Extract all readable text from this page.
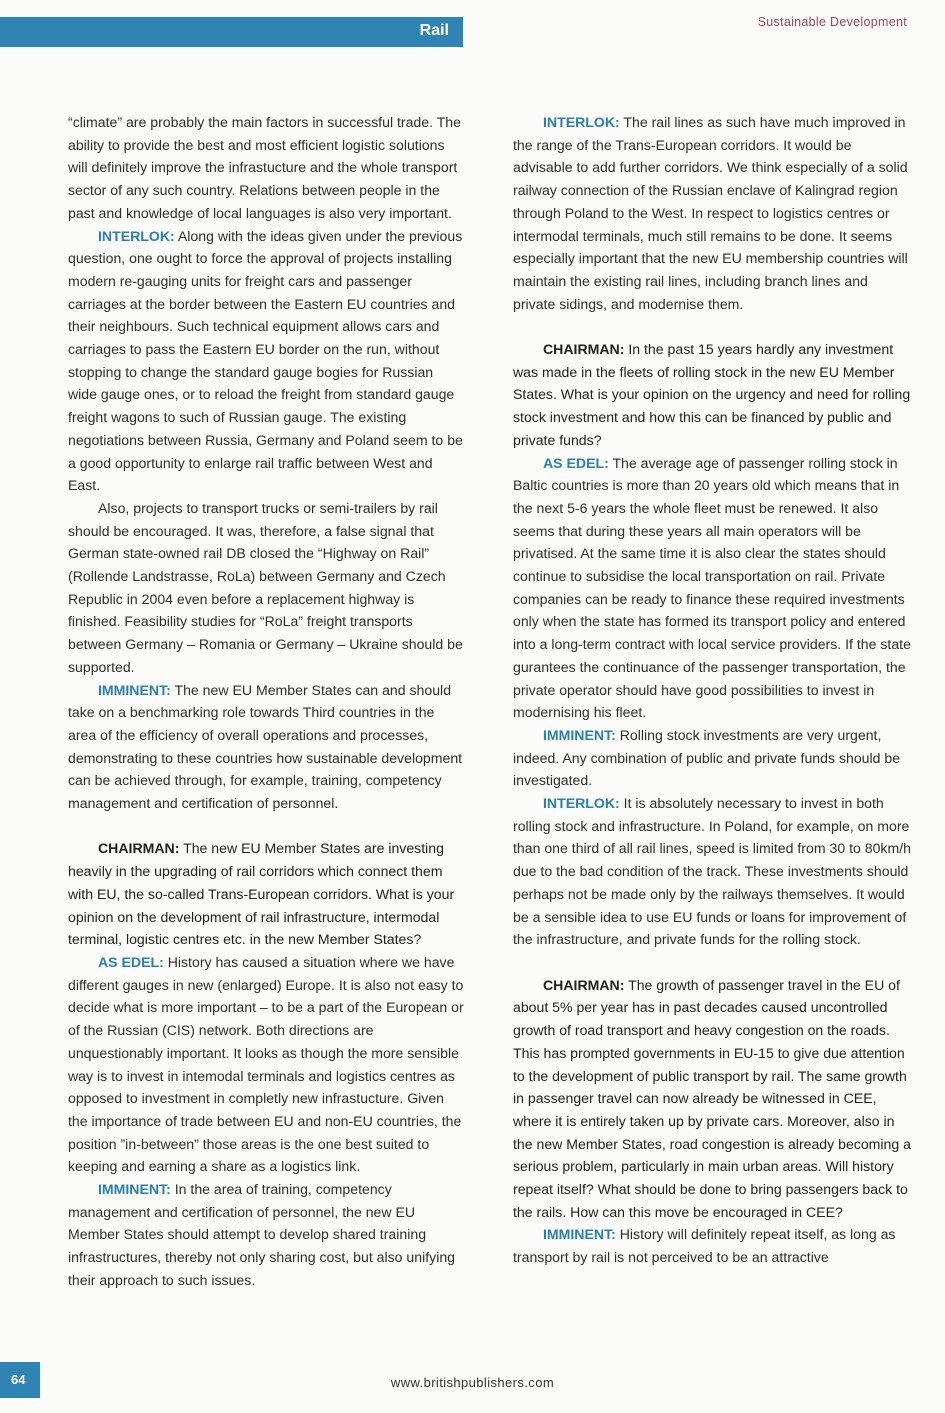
Rail	Sustainable Development

“climate” are probably the main factors in successful trade. The ability to provide the best and most efficient logistic solutions will definitely improve the infrastucture and the whole transport sector of any such country. Relations between people in the past and knowledge of local languages is also very important.

INTERLOK: Along with the ideas given under the previous question, one ought to force the approval of projects installing modern re-gauging units for freight cars and passenger carriages at the border between the Eastern EU countries and their neighbours. Such technical equipment allows cars and carriages to pass the Eastern EU border on the run, without stopping to change the standard gauge bogies for Russian wide gauge ones, or to reload the freight from standard gauge freight wagons to such of Russian gauge. The existing negotiations between Russia, Germany and Poland seem to be a good opportunity to enlarge rail traffic between West and East.

Also, projects to transport trucks or semi-trailers by rail should be encouraged. It was, therefore, a false signal that German state-owned rail DB closed the “Highway on Rail” (Rollende Landstrasse, RoLa) between Germany and Czech Republic in 2004 even before a replacement highway is finished. Feasibility studies for “RoLa” freight transports between Germany – Romania or Germany – Ukraine should be supported.

IMMINENT: The new EU Member States can and should take on a benchmarking role towards Third countries in the area of the efficiency of overall operations and processes, demonstrating to these countries how sustainable development can be achieved through, for example, training, competency management and certification of personnel.

CHAIRMAN: The new EU Member States are investing heavily in the upgrading of rail corridors which connect them with EU, the so-called Trans-European corridors. What is your opinion on the development of rail infrastructure, intermodal terminal, logistic centres etc. in the new Member States?

AS EDEL: History has caused a situation where we have different gauges in new (enlarged) Europe. It is also not easy to decide what is more important – to be a part of the European or of the Russian (CIS) network. Both directions are unquestionably important. It looks as though the more sensible way is to invest in intemodal terminals and logistics centres as opposed to investment in completly new infrastucture. Given the importance of trade between EU and non-EU countries, the position ”in-between” those areas is the one best suited to keeping and earning a share as a logistics link.

IMMINENT: In the area of training, competency management and certification of personnel, the new EU Member States should attempt to develop shared training infrastructures, thereby not only sharing cost, but also unifying their approach to such issues.

INTERLOK: The rail lines as such have much improved in the range of the Trans-European corridors. It would be advisable to add further corridors. We think especially of a solid railway connection of the Russian enclave of Kalingrad region through Poland to the West. In respect to logistics centres or intermodal terminals, much still remains to be done. It seems especially important that the new EU membership countries will maintain the existing rail lines, including branch lines and private sidings, and modernise them.

CHAIRMAN: In the past 15 years hardly any investment was made in the fleets of rolling stock in the new EU Member States. What is your opinion on the urgency and need for rolling stock investment and how this can be financed by public and private funds?

AS EDEL: The average age of passenger rolling stock in Baltic countries is more than 20 years old which means that in the next 5-6 years the whole fleet must be renewed. It also seems that during these years all main operators will be privatised. At the same time it is also clear the states should continue to subsidise the local transportation on rail. Private companies can be ready to finance these required investments only when the state has formed its transport policy and entered into a long-term contract with local service providers. If the state gurantees the continuance of the passenger transportation, the private operator should have good possibilities to invest in modernising his fleet.

IMMINENT: Rolling stock investments are very urgent, indeed. Any combination of public and private funds should be investigated.

INTERLOK: It is absolutely necessary to invest in both rolling stock and infrastructure. In Poland, for example, on more than one third of all rail lines, speed is limited from 30 to 80km/h due to the bad condition of the track. These investments should perhaps not be made only by the railways themselves. It would be a sensible idea to use EU funds or loans for improvement of the infrastructure, and private funds for the rolling stock.

CHAIRMAN: The growth of passenger travel in the EU of about 5% per year has in past decades caused uncontrolled growth of road transport and heavy congestion on the roads. This has prompted governments in EU-15 to give due attention to the development of public transport by rail. The same growth in passenger travel can now already be witnessed in CEE, where it is entirely taken up by private cars. Moreover, also in the new Member States, road congestion is already becoming a serious problem, particularly in main urban areas. Will history repeat itself? What should be done to bring passengers back to the rails. How can this move be encouraged in CEE?

IMMINENT: History will definitely repeat itself, as long as transport by rail is not perceived to be an attractive

64	www.britishpublishers.com
